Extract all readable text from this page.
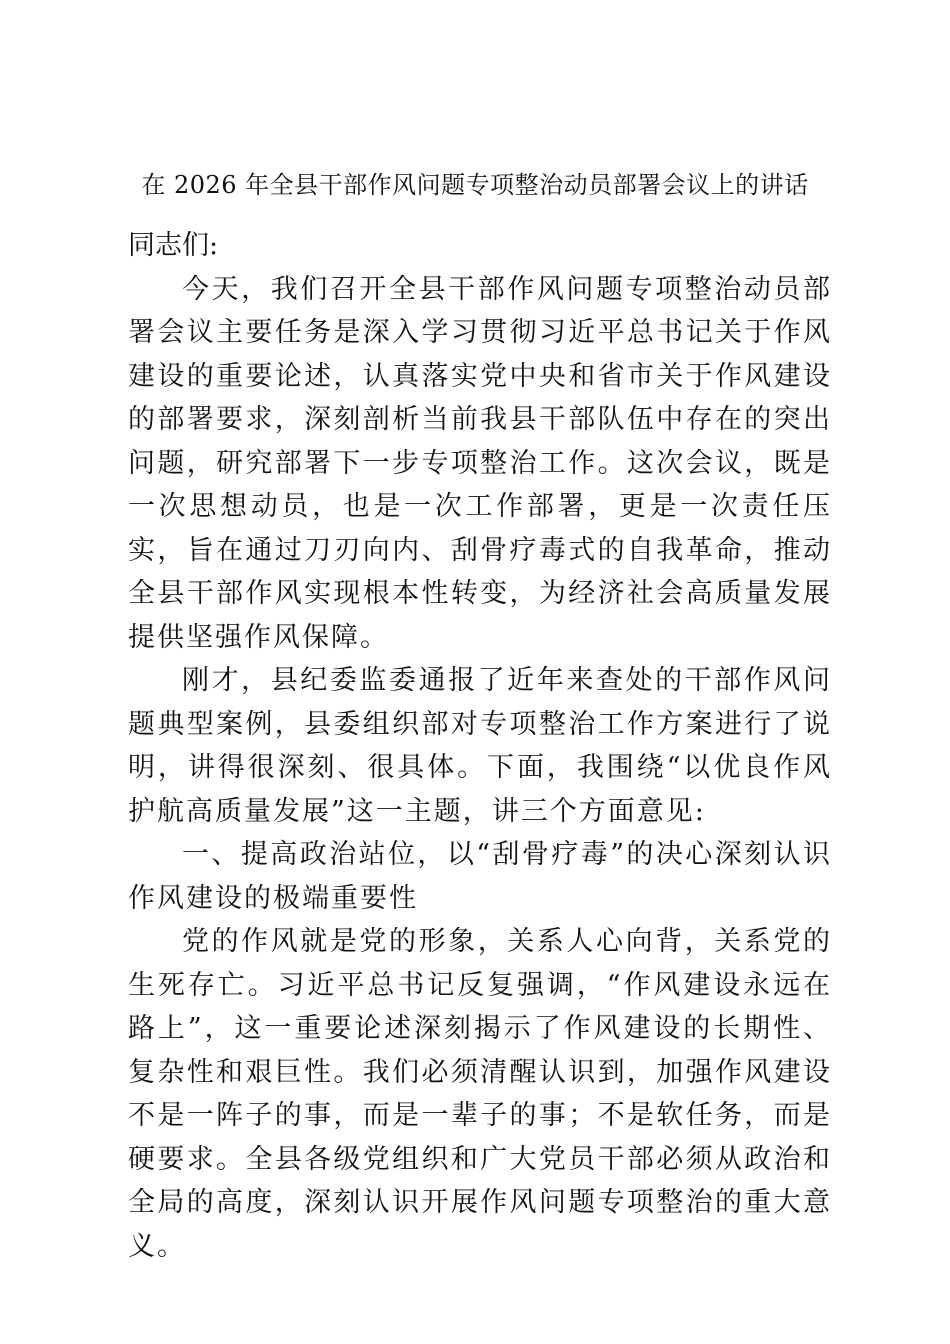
在 2026 年全县干部作风问题专项整治动员部署会议上的讲话

同志们:

今天，我们召开全县干部作风问题专项整治动员部署会议主要任务是深入学习贯彻习近平总书记关于作风建设的重要论述，认真落实党中央和省市关于作风建设的部署要求，深刻剖析当前我县干部队伍中存在的突出问题，研究部署下一步专项整治工作。这次会议，既是一次思想动员，也是一次工作部署，更是一次责任压实，旨在通过刀刃向内、刮骨疗毒式的自我革命，推动全县干部作风实现根本性转变，为经济社会高质量发展提供坚强作风保障。

刚才，县纪委监委通报了近年来查处的干部作风问题典型案例，县委组织部对专项整治工作方案进行了说明，讲得很深刻、很具体。下面，我围绕“以优良作风护航高质量发展”这一主题，讲三个方面意见:

一、提高政治站位，以“刮骨疗毒”的决心深刻认识作风建设的极端重要性

党的作风就是党的形象，关系人心向背，关系党的生死存亡。习近平总书记反复强调，“作风建设永远在路上”，这一重要论述深刻揭示了作风建设的长期性、复杂性和艰巨性。我们必须清醒认识到，加强作风建设不是一阵子的事，而是一辈子的事；不是软任务，而是硬要求。全县各级党组织和广大党员干部必须从政治和全局的高度，深刻认识开展作风问题专项整治的重大意义。
